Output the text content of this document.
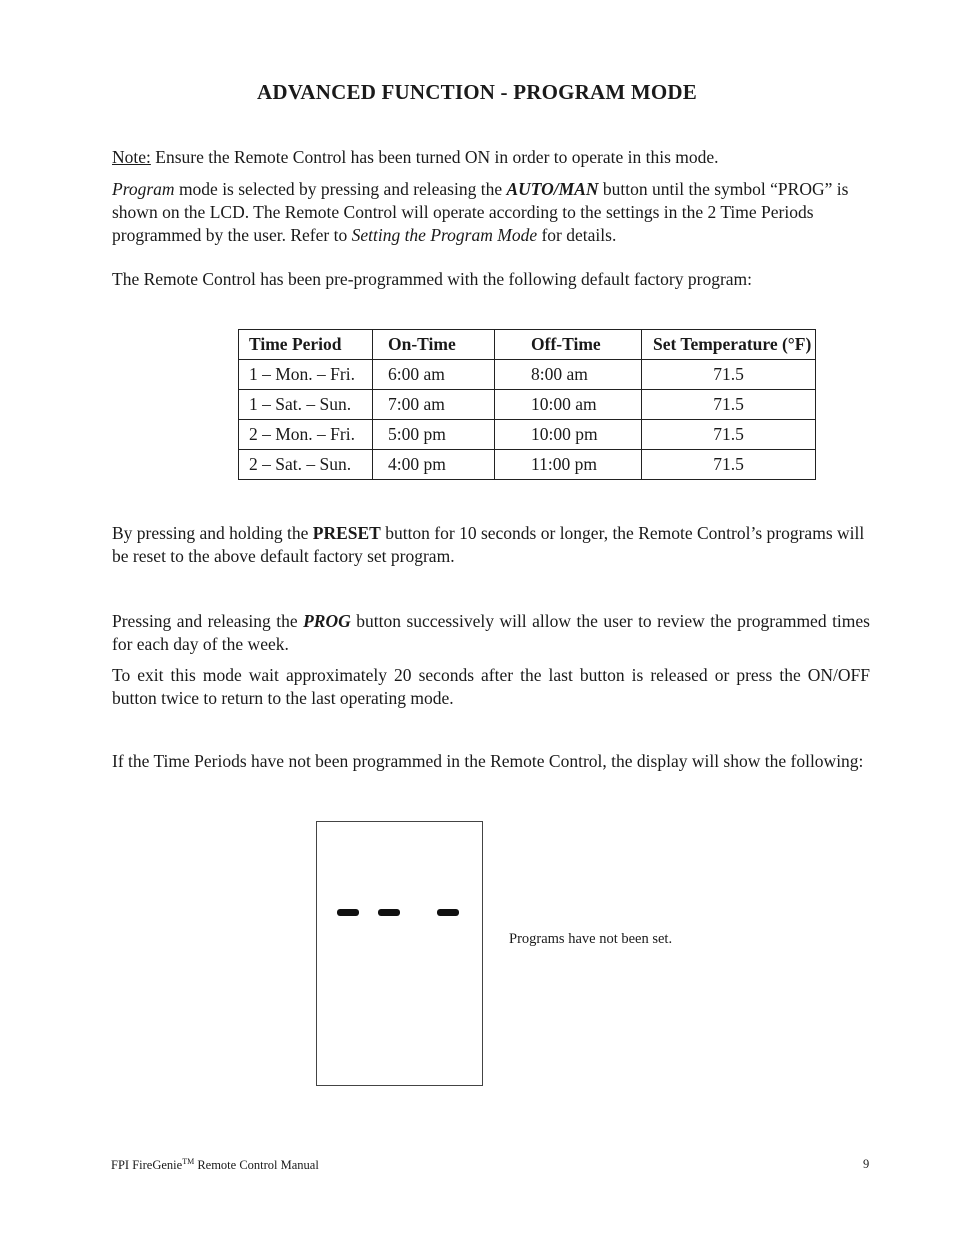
ADVANCED FUNCTION - PROGRAM MODE

Note: Ensure the Remote Control has been turned ON in order to operate in this mode.

Program mode is selected by pressing and releasing the AUTO/MAN button until the symbol “PROG” is shown on the LCD. The Remote Control will operate according to the settings in the 2 Time Periods programmed by the user. Refer to Setting the Program Mode for details.

The Remote Control has been pre-programmed with the following default factory program:

Time Period	On-Time	Off-Time	Set Temperature (°F)
1 – Mon. – Fri.	6:00 am	8:00 am	71.5
1 – Sat. – Sun.	7:00 am	10:00 am	71.5
2 – Mon. – Fri.	5:00 pm	10:00 pm	71.5
2 – Sat. – Sun.	4:00 pm	11:00 pm	71.5

By pressing and holding the PRESET button for 10 seconds or longer, the Remote Control’s programs will be reset to the above default factory set program.

Pressing and releasing the PROG button successively will allow the user to review the programmed times for each day of the week.

To exit this mode wait approximately 20 seconds after the last button is released or press the ON/OFF button twice to return to the last operating mode.

If the Time Periods have not been programmed in the Remote Control, the display will show the following:

Programs have not been set.
FPI FireGenie™ Remote Control Manual	9
